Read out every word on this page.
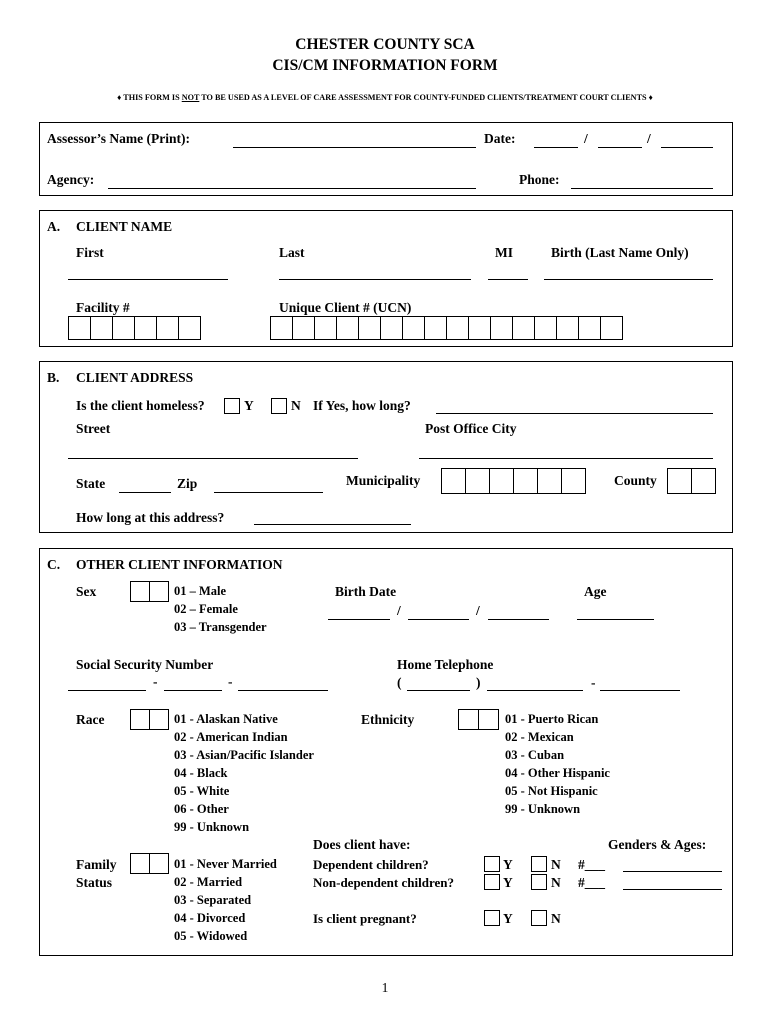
CHESTER COUNTY SCA
CIS/CM INFORMATION FORM
♦ THIS FORM IS NOT TO BE USED AS A LEVEL OF CARE ASSESSMENT FOR COUNTY-FUNDED CLIENTS/TREATMENT COURT CLIENTS ♦
Assessor’s Name (Print):	Date:	/	/
Agency:	Phone:
A. CLIENT NAME
First	Last	MI	Birth (Last Name Only)
Facility #	Unique Client # (UCN)
B. CLIENT ADDRESS
Is the client homeless?	Y	N If Yes, how long?
Street	Post Office City
State	Zip	Municipality	County
How long at this address?
C. OTHER CLIENT INFORMATION
Sex	01 – Male
02 – Female
03 – Transgender
Birth Date
/	/
Age
Social Security Number
-	-
Home Telephone
(	)	-
Race	01 - Alaskan Native
02 - American Indian
03 - Asian/Pacific Islander
04 - Black
05 - White
06 - Other
99 - Unknown
Ethnicity	01 - Puerto Rican
02 - Mexican
03 - Cuban
04 - Other Hispanic
05 - Not Hispanic
99 - Unknown
Does client have:	Genders & Ages:
Family
Status
01 - Never Married
02 - Married
03 - Separated
04 - Divorced
05 - Widowed
Dependent children?	Y	N #___
Non-dependent children?	Y	N #___
Is client pregnant?	Y	N
1
